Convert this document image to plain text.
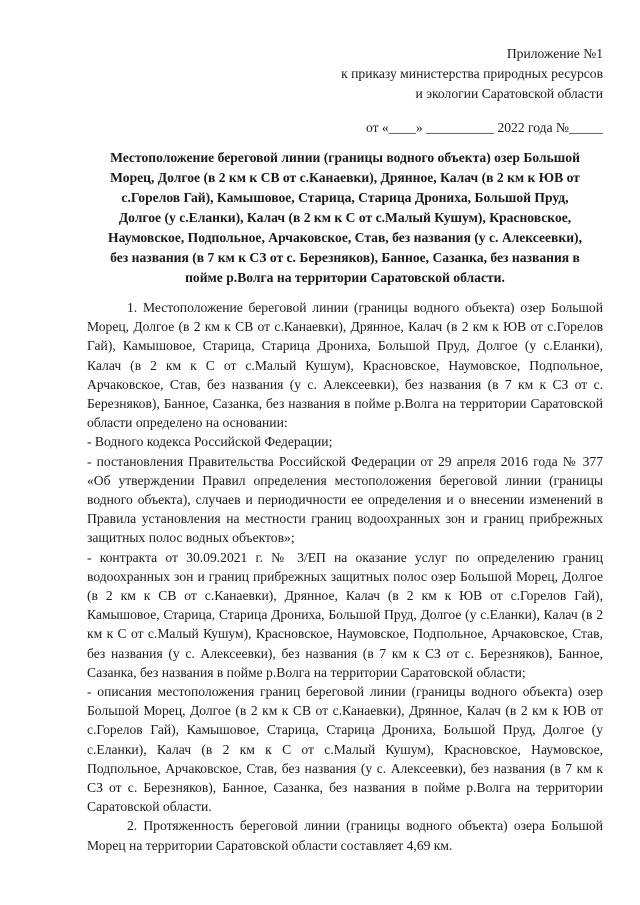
Приложение №1
к приказу министерства природных ресурсов
и экологии Саратовской области
от «____» __________ 2022 года №_____
Местоположение береговой линии (границы водного объекта) озер Большой Морец, Долгое (в 2 км к СВ от с.Канаевки), Дрянное, Калач (в 2 км к ЮВ от с.Горелов Гай), Камышовое, Старица, Старица Дрониха, Большой Пруд, Долгое (у с.Еланки), Калач (в 2 км к С от с.Малый Кушум), Красновское, Наумовское, Подпольное, Арчаковское, Став, без названия (у с. Алексеевки), без названия (в 7 км к СЗ от с. Березняков), Банное, Сазанка, без названия в пойме р.Волга на территории Саратовской области.

1. Местоположение береговой линии (границы водного объекта) озер Большой Морец, Долгое (в 2 км к СВ от с.Канаевки), Дрянное, Калач (в 2 км к ЮВ от с.Горелов Гай), Камышовое, Старица, Старица Дрониха, Большой Пруд, Долгое (у с.Еланки), Калач (в 2 км к С от с.Малый Кушум), Красновское, Наумовское, Подпольное, Арчаковское, Став, без названия (у с. Алексеевки), без названия (в 7 км к СЗ от с. Березняков), Банное, Сазанка, без названия в пойме р.Волга на территории Саратовской области определено на основании:

- Водного кодекса Российской Федерации;

- постановления Правительства Российской Федерации от 29 апреля 2016 года № 377 «Об утверждении Правил определения местоположения береговой линии (границы водного объекта), случаев и периодичности ее определения и о внесении изменений в Правила установления на местности границ водоохранных зон и границ прибрежных защитных полос водных объектов»;

- контракта от 30.09.2021 г. № 3/ЕП на оказание услуг по определению границ водоохранных зон и границ прибрежных защитных полос озер Большой Морец, Долгое (в 2 км к СВ от с.Канаевки), Дрянное, Калач (в 2 км к ЮВ от с.Горелов Гай), Камышовое, Старица, Старица Дрониха, Большой Пруд, Долгое (у с.Еланки), Калач (в 2 км к С от с.Малый Кушум), Красновское, Наумовское, Подпольное, Арчаковское, Став, без названия (у с. Алексеевки), без названия (в 7 км к СЗ от с. Березняков), Банное, Сазанка, без названия в пойме р.Волга на территории Саратовской области;

- описания местоположения границ береговой линии (границы водного объекта) озер Большой Морец, Долгое (в 2 км к СВ от с.Канаевки), Дрянное, Калач (в 2 км к ЮВ от с.Горелов Гай), Камышовое, Старица, Старица Дрониха, Большой Пруд, Долгое (у с.Еланки), Калач (в 2 км к С от с.Малый Кушум), Красновское, Наумовское, Подпольное, Арчаковское, Став, без названия (у с. Алексеевки), без названия (в 7 км к СЗ от с. Березняков), Банное, Сазанка, без названия в пойме р.Волга на территории Саратовской области.

2. Протяженность береговой линии (границы водного объекта) озера Большой Морец на территории Саратовской области составляет 4,69 км.
